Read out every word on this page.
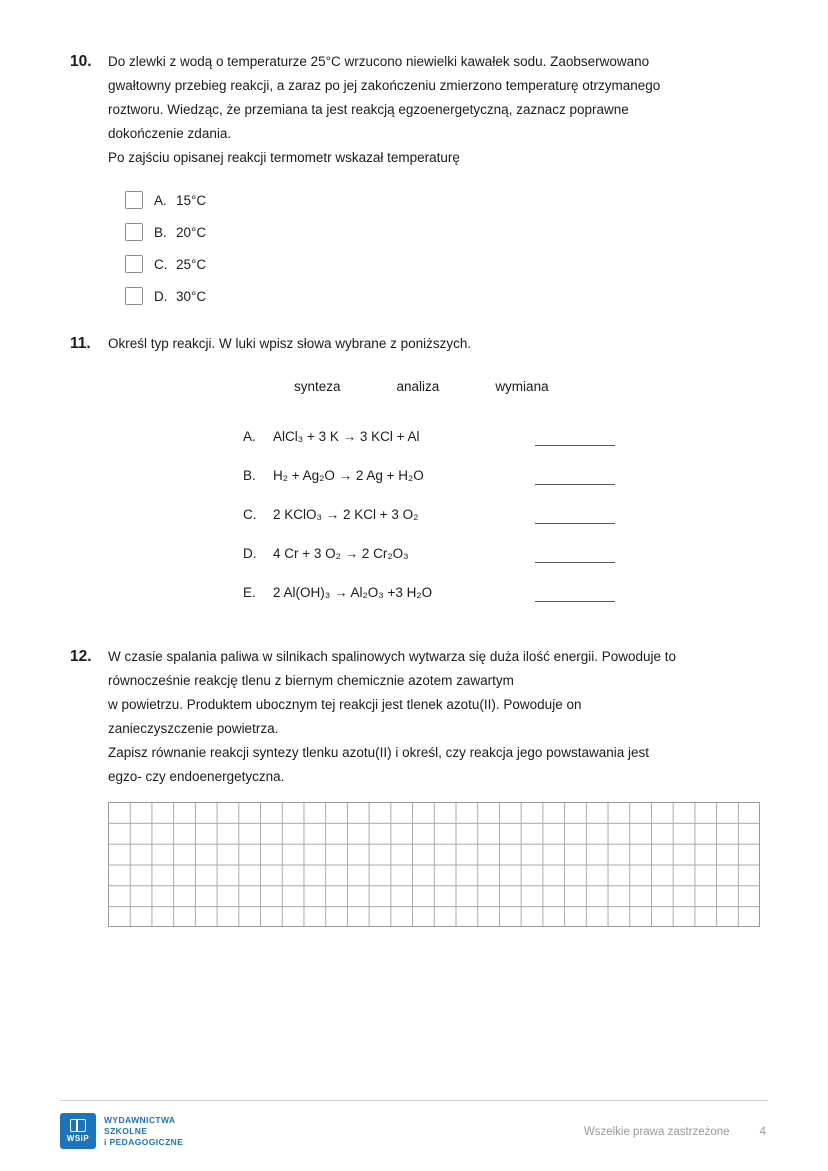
10.	Do zlewki z wodą o temperaturze 25°C wrzucono niewielki kawałek sodu. Zaobserwowano
gwałtowny przebieg reakcji, a zaraz po jej zakończeniu zmierzono temperaturę otrzymanego
roztworu. Wiedząc, że przemiana ta jest reakcją egzoenergetyczną, zaznacz poprawne
dokończenie zdania.
Po zajściu opisanej reakcji termometr wskazał temperaturę
A. 15°C
B. 20°C
C. 25°C
D. 30°C
11.	Określ typ reakcji. W luki wpisz słowa wybrane z poniższych.
synteza	analiza	wymiana
A.	AlCl₃ + 3 K → 3 KCl + Al
B.	H₂ + Ag₂O → 2 Ag + H₂O
C.	2 KClO₃ → 2 KCl + 3 O₂
D.	4 Cr + 3 O₂ → 2 Cr₂O₃
E.	2 Al(OH)₃ → Al₂O₃ +3 H₂O
12.	W czasie spalania paliwa w silnikach spalinowych wytwarza się duża ilość energii. Powoduje to
równocześnie reakcję tlenu z biernym chemicznie azotem zawartym
w powietrzu. Produktem ubocznym tej reakcji jest tlenek azotu(II). Powoduje on
zanieczyszczenie powietrza.
Zapisz równanie reakcji syntezy tlenku azotu(II) i określ, czy reakcja jego powstawania jest
egzo- czy endoenergetyczna.
WSiP
WYDAWNICTWA
SZKOLNE
i PEDAGOGICZNE
Wszelkie prawa zastrzeżone	4
